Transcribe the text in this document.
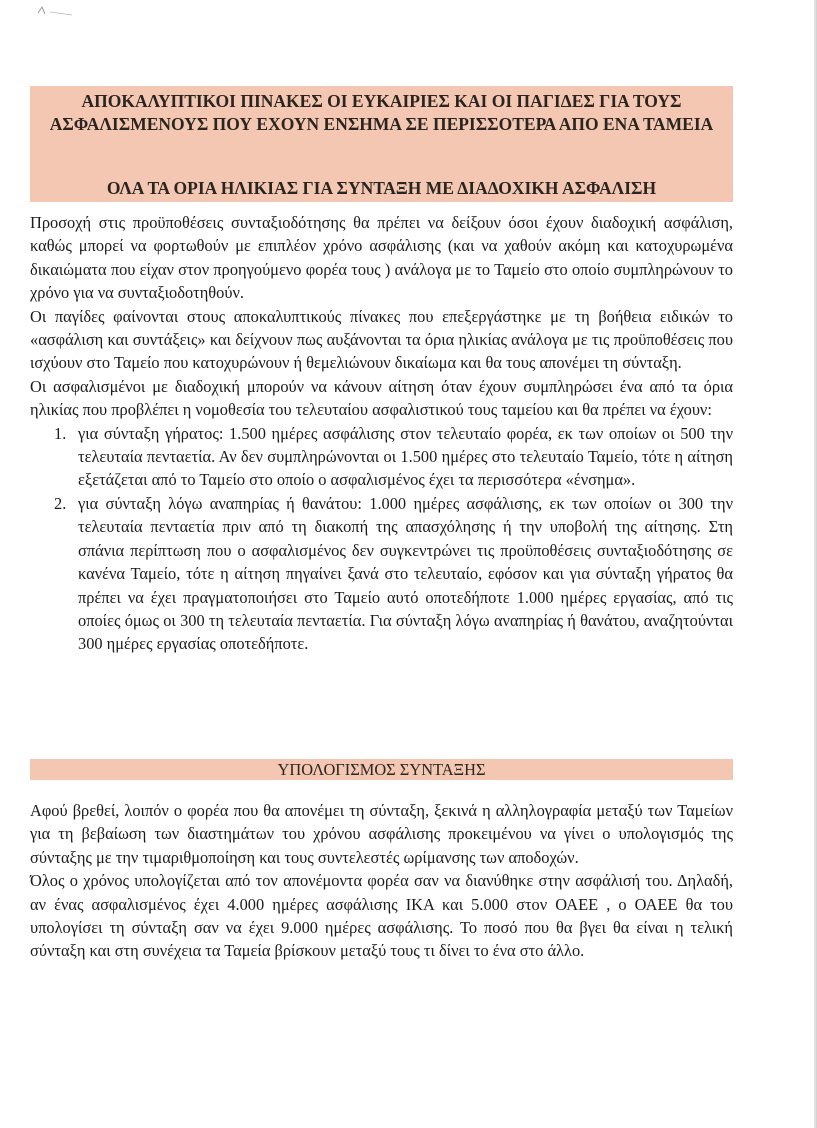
ΑΠΟΚΑΛΥΠΤΙΚΟΙ ΠΙΝΑΚΕΣ ΟΙ ΕΥΚΑΙΡΙΕΣ ΚΑΙ ΟΙ ΠΑΓΙΔΕΣ ΓΙΑ ΤΟΥΣ ΑΣΦΑΛΙΣΜΕΝΟΥΣ ΠΟΥ ΕΧΟΥΝ ΕΝΣΗΜΑ ΣΕ ΠΕΡΙΣΣΟΤΕΡΑ ΑΠΟ ΕΝΑ ΤΑΜΕΙΑ
ΟΛΑ ΤΑ ΟΡΙΑ ΗΛΙΚΙΑΣ ΓΙΑ ΣΥΝΤΑΞΗ ΜΕ ΔΙΑΔΟΧΙΚΗ ΑΣΦΑΛΙΣΗ

Προσοχή στις προϋποθέσεις συνταξιοδότησης θα πρέπει να δείξουν όσοι έχουν διαδοχική ασφάλιση, καθώς μπορεί να φορτωθούν με επιπλέον χρόνο ασφάλισης (και να χαθούν ακόμη και κατοχυρωμένα δικαιώματα που είχαν στον προηγούμενο φορέα τους ) ανάλογα με το Ταμείο στο οποίο συμπληρώνουν το χρόνο για να συνταξιοδοτηθούν.

Οι παγίδες φαίνονται στους αποκαλυπτικούς πίνακες που επεξεργάστηκε με τη βοήθεια ειδικών το «ασφάλιση και συντάξεις» και δείχνουν πως αυξάνονται τα όρια ηλικίας ανάλογα με τις προϋποθέσεις που ισχύουν στο Ταμείο που κατοχυρώνουν ή θεμελιώνουν δικαίωμα και θα τους απονέμει τη σύνταξη.

Οι ασφαλισμένοι με διαδοχική μπορούν να κάνουν αίτηση όταν έχουν συμπληρώσει ένα από τα όρια ηλικίας που προβλέπει η νομοθεσία του τελευταίου ασφαλιστικού τους ταμείου και θα πρέπει να έχουν:

1. για σύνταξη γήρατος: 1.500 ημέρες ασφάλισης στον τελευταίο φορέα, εκ των οποίων οι 500 την τελευταία πενταετία. Αν δεν συμπληρώνονται οι 1.500 ημέρες στο τελευταίο Ταμείο, τότε η αίτηση εξετάζεται από το Ταμείο στο οποίο ο ασφαλισμένος έχει τα περισσότερα «ένσημα».
2. για σύνταξη λόγω αναπηρίας ή θανάτου: 1.000 ημέρες ασφάλισης, εκ των οποίων οι 300 την τελευταία πενταετία πριν από τη διακοπή της απασχόλησης ή την υποβολή της αίτησης. Στη σπάνια περίπτωση που ο ασφαλισμένος δεν συγκεντρώνει τις προϋποθέσεις συνταξιοδότησης σε κανένα Ταμείο, τότε η αίτηση πηγαίνει ξανά στο τελευταίο, εφόσον και για σύνταξη γήρατος θα πρέπει να έχει πραγματοποιήσει στο Ταμείο αυτό οποτεδήποτε 1.000 ημέρες εργασίας, από τις οποίες όμως οι 300 τη τελευταία πενταετία. Για σύνταξη λόγω αναπηρίας ή θανάτου, αναζητούνται 300 ημέρες εργασίας οποτεδήποτε.
ΥΠΟΛΟΓΙΣΜΟΣ ΣΥΝΤΑΞΗΣ

Αφού βρεθεί, λοιπόν ο φορέα που θα απονέμει τη σύνταξη, ξεκινά η αλληλογραφία μεταξύ των Ταμείων για τη βεβαίωση των διαστημάτων του χρόνου ασφάλισης προκειμένου να γίνει ο υπολογισμός της σύνταξης με την τιμαριθμοποίηση και τους συντελεστές ωρίμανσης των αποδοχών.

Όλος ο χρόνος υπολογίζεται από τον απονέμοντα φορέα σαν να διανύθηκε στην ασφάλισή του. Δηλαδή, αν ένας ασφαλισμένος έχει 4.000 ημέρες ασφάλισης ΙΚΑ και 5.000 στον ΟΑΕΕ , ο ΟΑΕΕ θα του υπολογίσει τη σύνταξη σαν να έχει 9.000 ημέρες ασφάλισης. Το ποσό που θα βγει θα είναι η τελική σύνταξη και στη συνέχεια τα Ταμεία βρίσκουν μεταξύ τους τι δίνει το ένα στο άλλο.
